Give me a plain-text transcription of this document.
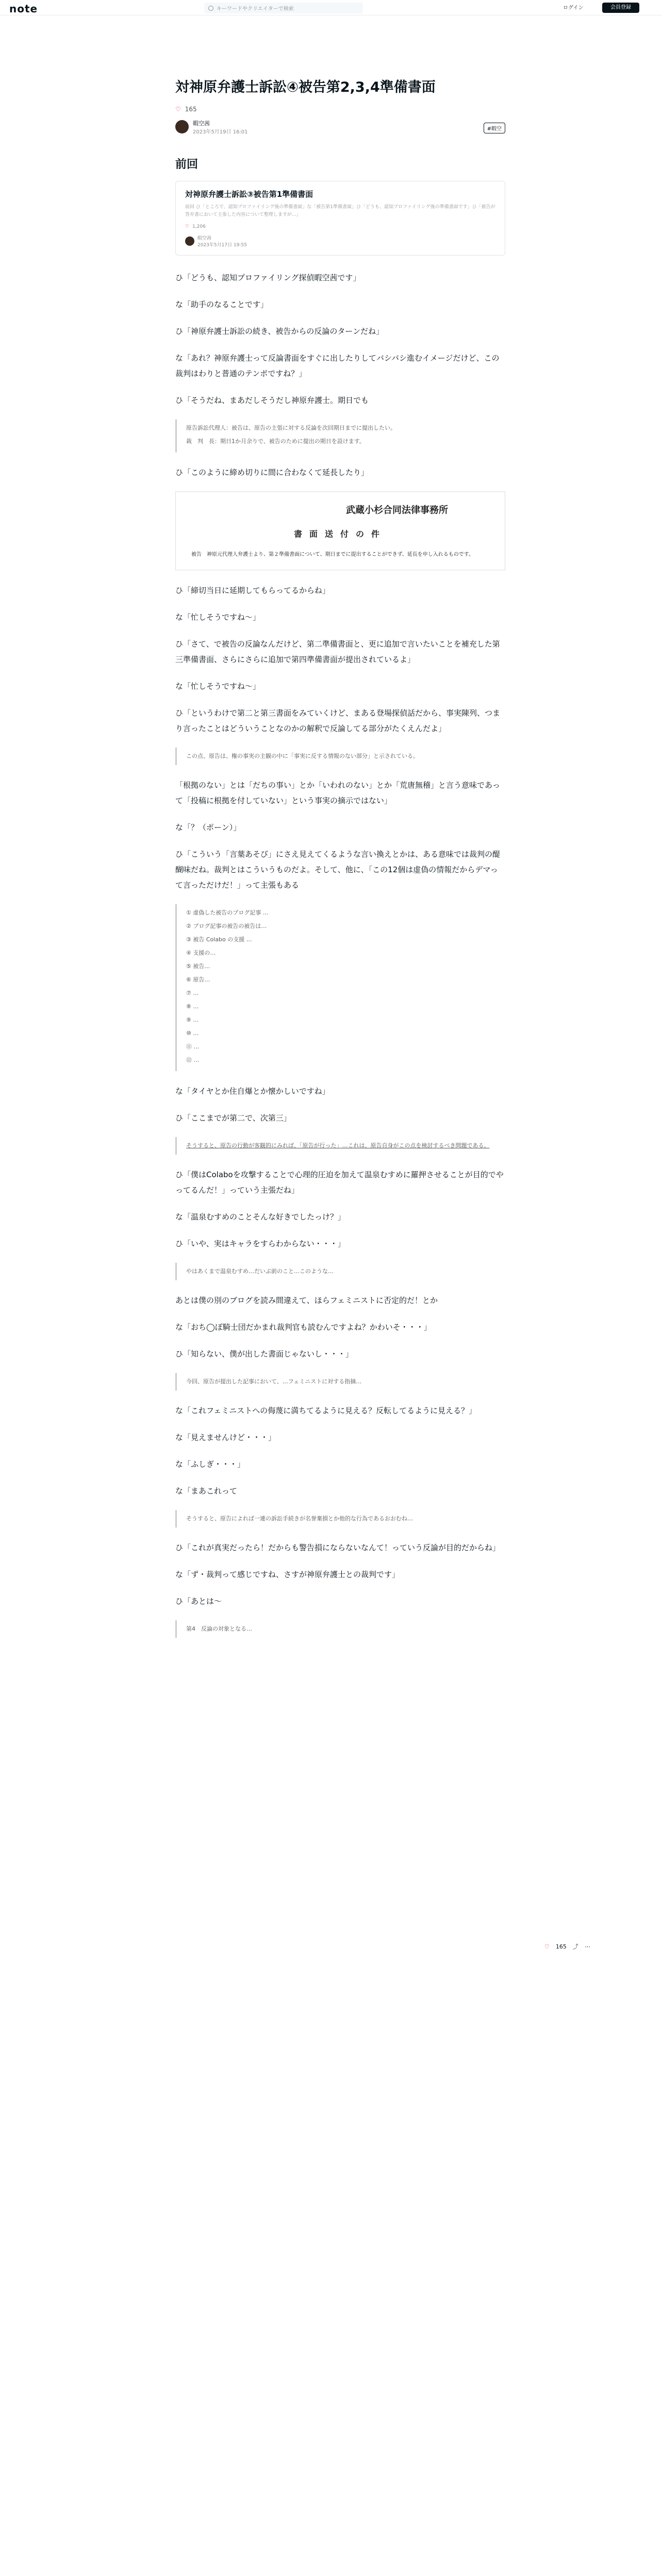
note	キーワードやクリエイターで検索	ログイン	会員登録
対神原弁護士訴訟④被告第2,3,4準備書面
♡ 165
暇空茜
2023年5月19日 16:01	#暇空
前回
対神原弁護士訴訟③被告第1準備書面
前回 ひ「ところで、認知プロファイリング後の準備書面」な「被告第1準備書面」ひ「どうも、認知プロファイリング後の準備書面です」ひ「被告が答弁書において主張した内容について整理しますが…」
♡ 1,206
暇空茜
2023年5月17日 19:55

ひ「どうも、認知プロファイリング探偵暇空茜です」

な「助手のなることです」

ひ「神原弁護士訴訟の続き、被告からの反論のターンだね」

な「あれ？神原弁護士って反論書面をすぐに出したりしてバシバシ進むイメージだけど、この裁判はわりと普通のテンポですね？」

ひ「そうだね、まあだしそうだし神原弁護士。期日でも

原告訴訟代理人：被告は、原告の主張に対する反論を次回期日までに提出したい。
裁　判　長：期日1か月余りで、被告のために提出の期日を設けます。

ひ「このように締め切りに間に合わなくて延長したり」

武蔵小杉合同法律事務所
書面送付の件
被告　神原元代理人弁護士より、第２準備書面について、期日までに提出することができず、延長を申し入れるものです。

ひ「締切当日に延期してもらってるからね」

な「忙しそうですね〜」

ひ「さて、で被告の反論なんだけど、第二準備書面と、更に追加で言いたいことを補充した第三準備書面、さらにさらに追加で第四準備書面が提出されているよ」

な「忙しそうですね〜」

ひ「というわけで第二と第三書面をみていくけど、まある登場探偵話だから、事実陳列、つまり言ったことはどういうことなのかの解釈で反論してる部分がたくえんだよ」

この点、原告は、権の事実の主観の中に「事実に反する情報のない部分」と示されている。

「根拠のない」とは「だちの事い」とか「いわれのない」とか「荒唐無稽」と言う意味であって「投稿に根拠を付していない」という事実の摘示ではない」

な「？（ポーン）」

ひ「こういう「言葉あそび」にさえ見えてくるような言い換えとかは、ある意味では裁判の醍醐味だね。裁判とはこういうものだよ。そして、他に、「この12個は虚偽の情報だからデマって言っただけだ！」って主張もある

① 虚偽した被告のブログ記事 …
② ブログ記事の被告の被告は…
③ 被告 Colabo の支援 …
④ 支援の…
⑤ 被告…
⑥ 原告…
⑦ …
⑧ …
⑨ …
⑩ …
⑪ …
⑫ …

な「タイヤとか住自爆とか懐かしいですね」

ひ「ここまでが第二で、次第三」

そうすると、原告の行動が客観的にみれば、「原告が行った」…これは、原告自身がこの点を検討するべき問題である。

ひ「僕はColaboを攻撃することで心理的圧迫を加えて温泉むすめに羅押させることが目的でやってるんだ！」っていう主張だね」

な「温泉むすめのことそんな好きでしたっけ？」

ひ「いや、実はキャラをすらわからない・・・」

やはあくまで温泉むすめ…だいぶ前のこと…このような…

あとは僕の別のブログを読み間違えて、ほらフェミニストに否定的だ！とか

な「おち◯ぽ騎士団だかまれ裁判官も読むんですよね？かわいそ・・・」

ひ「知らない、僕が出した書面じゃないし・・・」

今回、原告が提出した記事において、…フェミニストに対する指摘…

な「これフェミニストへの侮蔑に満ちてるように見える？反転してるように見える？」

な「見えませんけど・・・」

な「ふしぎ・・・」

な「まあこれって

そうすると、原告によれば一連の訴訟手続きが名誉棄損とか他的な行為であるおおむね…

ひ「これが真実だったら！だからも警告損にならないなんて！っていう反論が目的だからね」

な「ず・裁判って感じですね、さすが神原弁護士との裁判です」

ひ「あとは〜

第4　反論の対象となる…
♡ 165 ⤴ ⋯
